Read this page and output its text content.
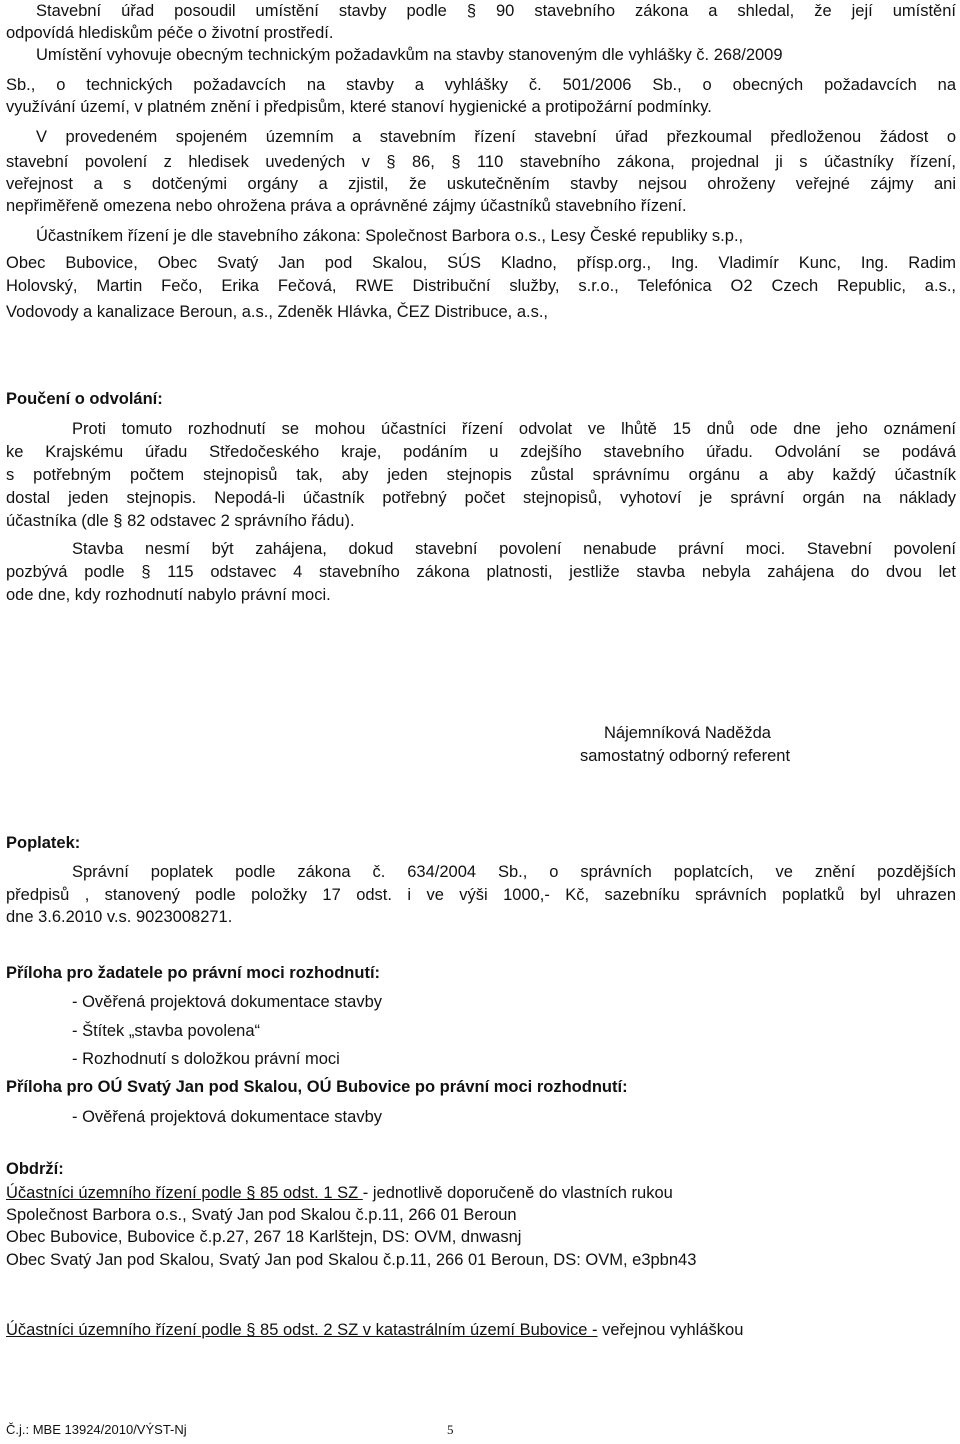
Stavební úřad posoudil umístění stavby podle § 90 stavebního zákona a shledal, že její umístění
odpovídá hlediskům péče o životní prostředí.
Umístění vyhovuje obecným technickým požadavkům na stavby stanoveným dle vyhlášky č. 268/2009
Sb., o technických požadavcích na stavby a vyhlášky č. 501/2006 Sb., o obecných požadavcích na
využívání území, v platném znění i předpisům, které stanoví hygienické a protipožární podmínky.
V provedeném spojeném územním a stavebním řízení stavební úřad přezkoumal předloženou žádost o
stavební povolení z hledisek uvedených v § 86, § 110 stavebního zákona, projednal ji s účastníky řízení,
veřejnost a s dotčenými orgány a zjistil, že uskutečněním stavby nejsou ohroženy veřejné zájmy ani
nepřiměřeně omezena nebo ohrožena práva a oprávněné zájmy účastníků stavebního řízení.
Účastníkem řízení je dle stavebního zákona: Společnost Barbora o.s., Lesy České republiky s.p.,
Obec Bubovice, Obec Svatý Jan pod Skalou, SÚS Kladno, přísp.org., Ing. Vladimír Kunc, Ing. Radim
Holovský, Martin Fečo, Erika Fečová, RWE Distribuční služby, s.r.o., Telefónica O2 Czech Republic, a.s.,
Vodovody a kanalizace Beroun, a.s., Zdeněk Hlávka, ČEZ Distribuce, a.s.,
Poučení o odvolání:
Proti tomuto rozhodnutí se mohou účastníci řízení odvolat ve lhůtě 15 dnů ode dne jeho oznámení
ke Krajskému úřadu Středočeského kraje, podáním u zdejšího stavebního úřadu. Odvolání se podává
s potřebným počtem stejnopisů tak, aby jeden stejnopis zůstal správnímu orgánu a aby každý účastník
dostal jeden stejnopis. Nepodá-li účastník potřebný počet stejnopisů, vyhotoví je správní orgán na náklady
účastníka (dle § 82 odstavec 2 správního řádu).
Stavba nesmí být zahájena, dokud stavební povolení nenabude právní moci. Stavební povolení
pozbývá podle § 115 odstavec 4 stavebního zákona platnosti, jestliže stavba nebyla zahájena do dvou let
ode dne, kdy rozhodnutí nabylo právní moci.
Nájemníková Naděžda
samostatný odborný referent
Poplatek:
Správní poplatek podle zákona č. 634/2004 Sb., o správních poplatcích, ve znění pozdějších
předpisů , stanovený podle položky 17 odst. i ve výši 1000,- Kč, sazebníku správních poplatků byl uhrazen
dne 3.6.2010 v.s. 9023008271.
Příloha pro žadatele po právní moci rozhodnutí:
- Ověřená projektová dokumentace stavby
- Štítek „stavba povolena“
- Rozhodnutí s doložkou právní moci
Příloha pro OÚ Svatý Jan pod Skalou, OÚ Bubovice po právní moci rozhodnutí:
- Ověřená projektová dokumentace stavby
Obdrží:
Účastníci územního řízení podle § 85 odst. 1 SZ - jednotlivě doporučeně do vlastních rukou
Společnost Barbora o.s., Svatý Jan pod Skalou č.p.11, 266 01 Beroun
Obec Bubovice, Bubovice č.p.27, 267 18 Karlštejn, DS: OVM, dnwasnj
Obec Svatý Jan pod Skalou, Svatý Jan pod Skalou č.p.11, 266 01 Beroun, DS: OVM, e3pbn43
Účastníci územního řízení podle § 85 odst. 2 SZ v katastrálním území Bubovice - veřejnou vyhláškou
Č.j.: MBE 13924/2010/VÝST-Nj	5
